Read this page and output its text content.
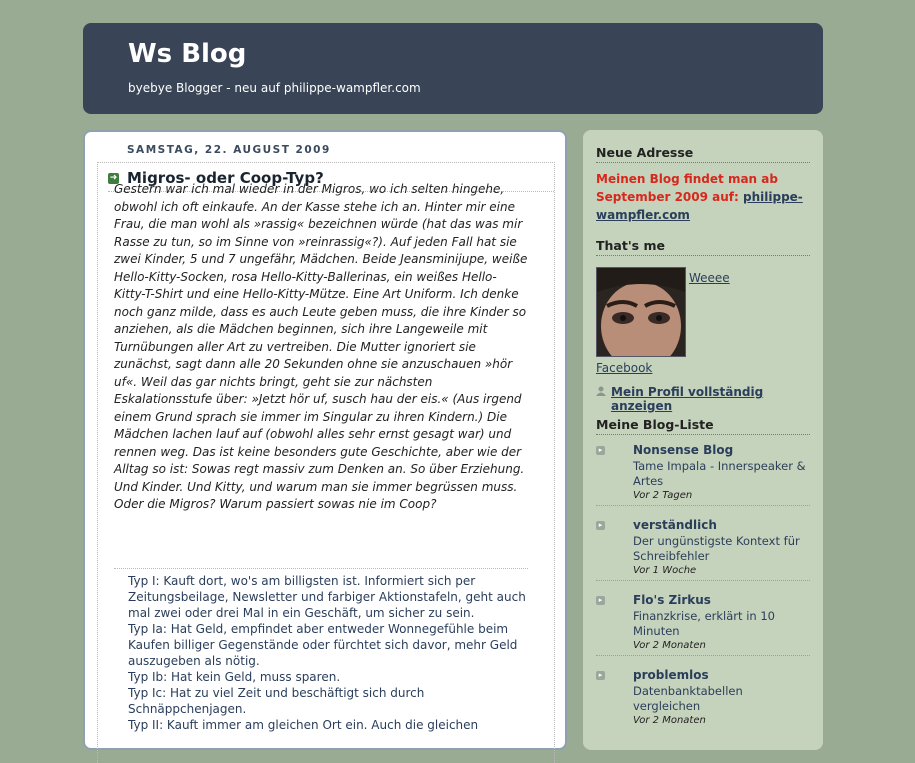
Ws Blog
byebye Blogger - neu auf philippe-wampfler.com
SAMSTAG, 22. AUGUST 2009
➜ Migros- oder Coop-Typ?
Gestern war ich mal wieder in der Migros, wo ich selten hingehe, obwohl ich oft einkaufe. An der Kasse stehe ich an. Hinter mir eine Frau, die man wohl als »rassig« bezeichnen würde (hat das was mir Rasse zu tun, so im Sinne von »reinrassig«?). Auf jeden Fall hat sie zwei Kinder, 5 und 7 ungefähr, Mädchen. Beide Jeansminijupe, weiße Hello-Kitty-Socken, rosa Hello-Kitty-Ballerinas, ein weißes Hello-Kitty-T-Shirt und eine Hello-Kitty-Mütze. Eine Art Uniform. Ich denke noch ganz milde, dass es auch Leute geben muss, die ihre Kinder so anziehen, als die Mädchen beginnen, sich ihre Langeweile mit Turnübungen aller Art zu vertreiben. Die Mutter ignoriert sie zunächst, sagt dann alle 20 Sekunden ohne sie anzuschauen »hör uf«. Weil das gar nichts bringt, geht sie zur nächsten Eskalationsstufe über: »Jetzt hör uf, susch hau der eis.« (Aus irgend einem Grund sprach sie immer im Singular zu ihren Kindern.) Die Mädchen lachen lauf auf (obwohl alles sehr ernst gesagt war) und rennen weg. Das ist keine besonders gute Geschichte, aber wie der Alltag so ist: Sowas regt massiv zum Denken an. So über Erziehung. Und Kinder. Und Kitty, und warum man sie immer begrüssen muss. Oder die Migros? Warum passiert sowas nie im Coop?
Typ I: Kauft dort, wo's am billigsten ist. Informiert sich per Zeitungsbeilage, Newsletter und farbiger Aktionstafeln, geht auch mal zwei oder drei Mal in ein Geschäft, um sicher zu sein.
Typ Ia: Hat Geld, empfindet aber entweder Wonnegefühle beim Kaufen billiger Gegenstände oder fürchtet sich davor, mehr Geld auszugeben als nötig.
Typ Ib: Hat kein Geld, muss sparen.
Typ Ic: Hat zu viel Zeit und beschäftigt sich durch Schnäppchenjagen.
Typ II: Kauft immer am gleichen Ort ein. Auch die gleichen
Neue Adresse
Meinen Blog findet man ab September 2009 auf: philippe-wampfler.com
That's me
Weeee
Facebook
Mein Profil vollständig anzeigen
Meine Blog-Liste
▸	Nonsense Blog
Tame Impala - Innerspeaker & Artes
Vor 2 Tagen
▸	verständlich
Der ungünstigste Kontext für Schreibfehler
Vor 1 Woche
▸	Flo's Zirkus
Finanzkrise, erklärt in 10 Minuten
Vor 2 Monaten
▸	problemlos
Datenbanktabellen vergleichen
Vor 2 Monaten
